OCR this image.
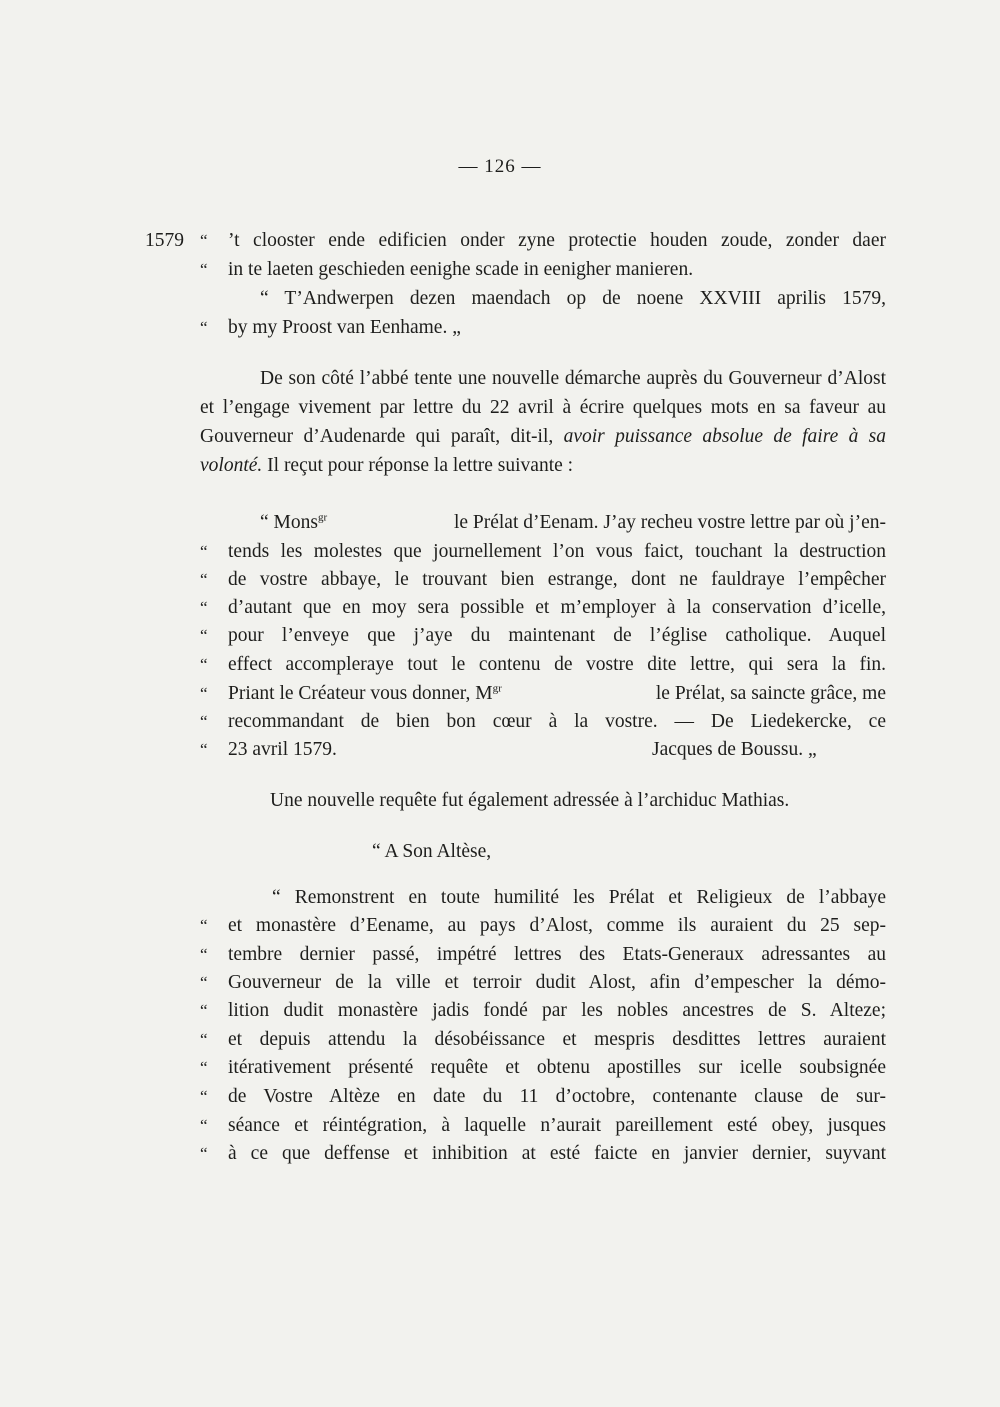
— 126 —
1579 “ ’t clooster ende edificien onder zyne protectie houden zoude, zonder daer
“ in te laeten geschieden eenighe scade in eenigher manieren.
“ T’Andwerpen dezen maendach op de noene XXVIII aprilis 1579,
“ by my Proost van Eenhame. „
De son côté l’abbé tente une nouvelle démarche auprès du Gouverneur d’Alost et l’engage vivement par lettre du 22 avril à écrire quelques mots en sa faveur au Gouverneur d’Audenarde qui paraît, dit-il, avoir puissance absolue de faire à sa volonté. Il reçut pour réponse la lettre suivante :
“ Mons$^{gr}$	le Prélat d’Eenam. J’ay recheu vostre lettre par où j’en-
“ tends les molestes que journellement l’on vous faict, touchant la destruction
“ de vostre abbaye, le trouvant bien estrange, dont ne fauldraye l’empêcher
“ d’autant que en moy sera possible et m’employer à la conservation d’icelle,
“ pour l’enveye que j’aye du maintenant de l’église catholique. Auquel
“ effect accompleraye tout le contenu de vostre dite lettre, qui sera la fin.
“ Priant le Créateur vous donner, $M^{gr}$	le Prélat, sa saincte grâce, me
“ recommandant de bien bon cœur à la vostre. — De Liedekercke, ce
“ 23 avril 1579.	Jacques de Boussu. „
Une nouvelle requête fut également adressée à l’archiduc Mathias.
“ A Son Altèse,
“ Remonstrent en toute humilité les Prélat et Religieux de l’abbaye
“ et monastère d’Eename, au pays d’Alost, comme ils auraient du 25 sep-
“ tembre dernier passé, impétré lettres des Etats-Generaux adressantes au
“ Gouverneur de la ville et terroir dudit Alost, afin d’empescher la démo-
“ lition dudit monastère jadis fondé par les nobles ancestres de S. Alteze;
“ et depuis attendu la désobéissance et mespris desdittes lettres auraient
“ itérativement présenté requête et obtenu apostilles sur icelle soubsignée
“ de Vostre Altèze en date du 11 d’octobre, contenante clause de sur-
“ séance et réintégration, à laquelle n’aurait pareillement esté obey, jusques
“ à ce que deffense et inhibition at esté faicte en janvier dernier, suyvant
